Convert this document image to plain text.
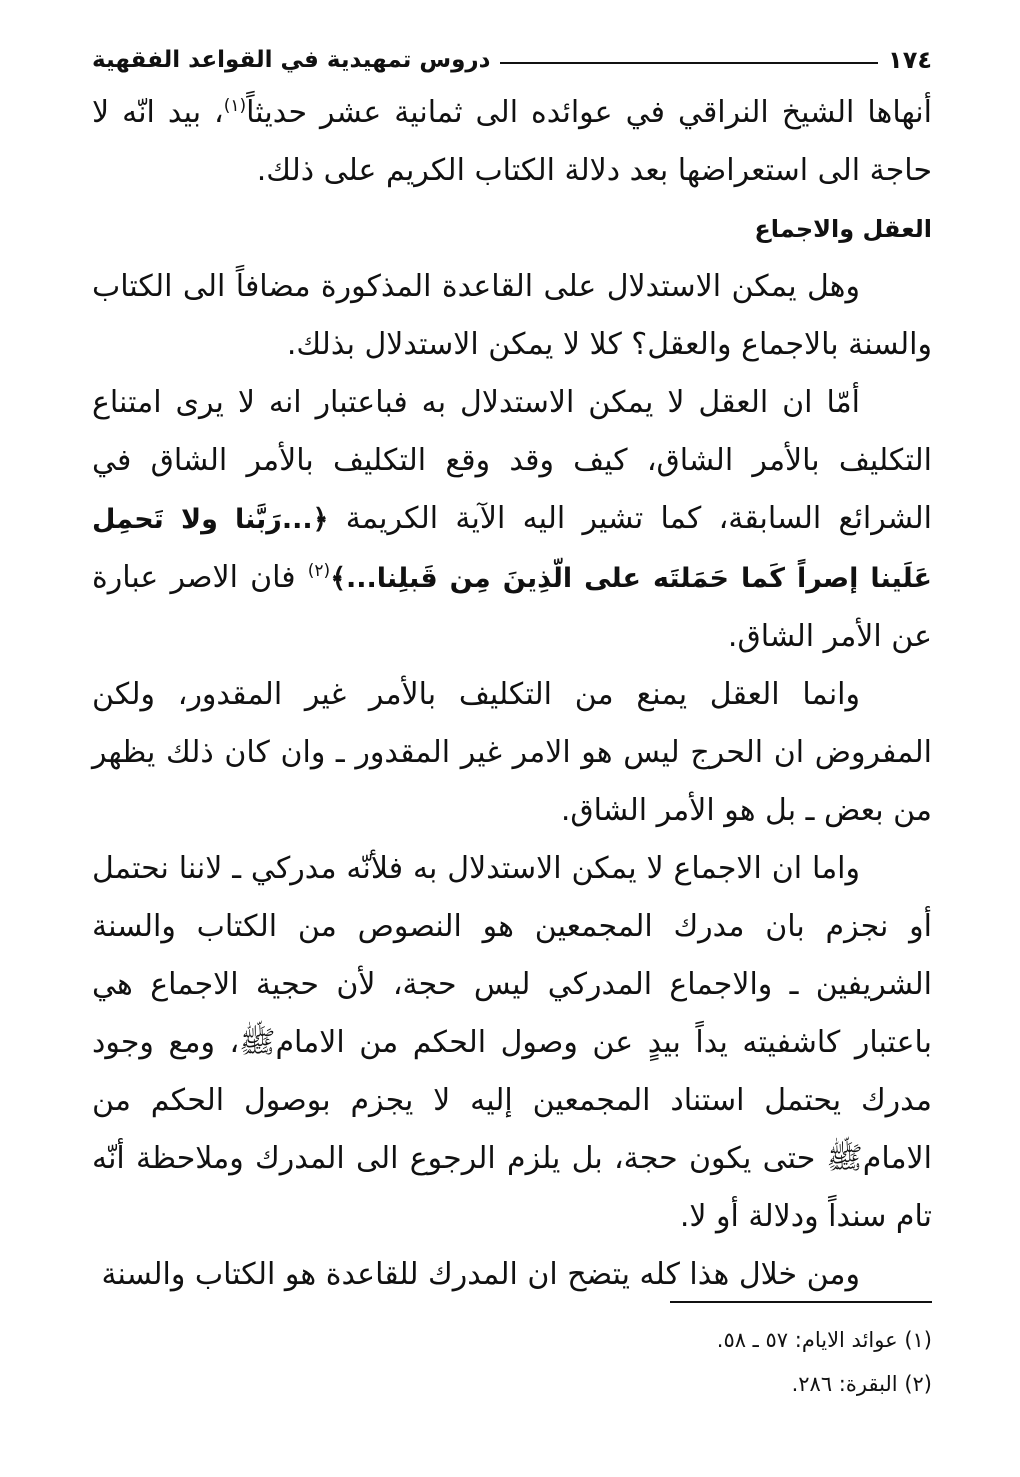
دروس تمهيدية في القواعد الفقهية	١٧٤

أنهاها الشيخ النراقي في عوائده الى ثمانية عشر حديثاً$^{(١)}$، بيد انّه لا حاجة الى استعراضها بعد دلالة الكتاب الكريم على ذلك.

العقل والاجماع

وهل يمكن الاستدلال على القاعدة المذكورة مضافاً الى الكتاب والسنة بالاجماع والعقل؟ كلا لا يمكن الاستدلال بذلك.

أمّا ان العقل لا يمكن الاستدلال به فباعتبار انه لا يرى امتناع التكليف بالأمر الشاق، كيف وقد وقع التكليف بالأمر الشاق في الشرائع السابقة، كما تشير اليه الآية الكريمة ﴿...رَبَّنا ولا تَحمِل عَلَينا إصراً كَما حَمَلتَه على الّذِينَ مِن قَبلِنا...﴾$^{(٢)}$ فان الاصر عبارة عن الأمر الشاق.

وانما العقل يمنع من التكليف بالأمر غير المقدور، ولكن المفروض ان الحرج ليس هو الامر غير المقدور ـ وان كان ذلك يظهر من بعض ـ بل هو الأمر الشاق.

واما ان الاجماع لا يمكن الاستدلال به فلأنّه مدركي ـ لاننا نحتمل أو نجزم بان مدرك المجمعين هو النصوص من الكتاب والسنة الشريفين ـ والاجماع المدركي ليس حجة، لأن حجية الاجماع هي باعتبار كاشفيته يداً بيدٍ عن وصول الحكم من الامامﷺ، ومع وجود مدرك يحتمل استناد المجمعين إليه لا يجزم بوصول الحكم من الامامﷺ حتى يكون حجة، بل يلزم الرجوع الى المدرك وملاحظة أنّه تام سنداً ودلالة أو لا.

ومن خلال هذا كله يتضح ان المدرك للقاعدة هو الكتاب والسنة

(١) عوائد الايام: ٥٧ ـ ٥٨.

(٢) البقرة: ٢٨٦.
